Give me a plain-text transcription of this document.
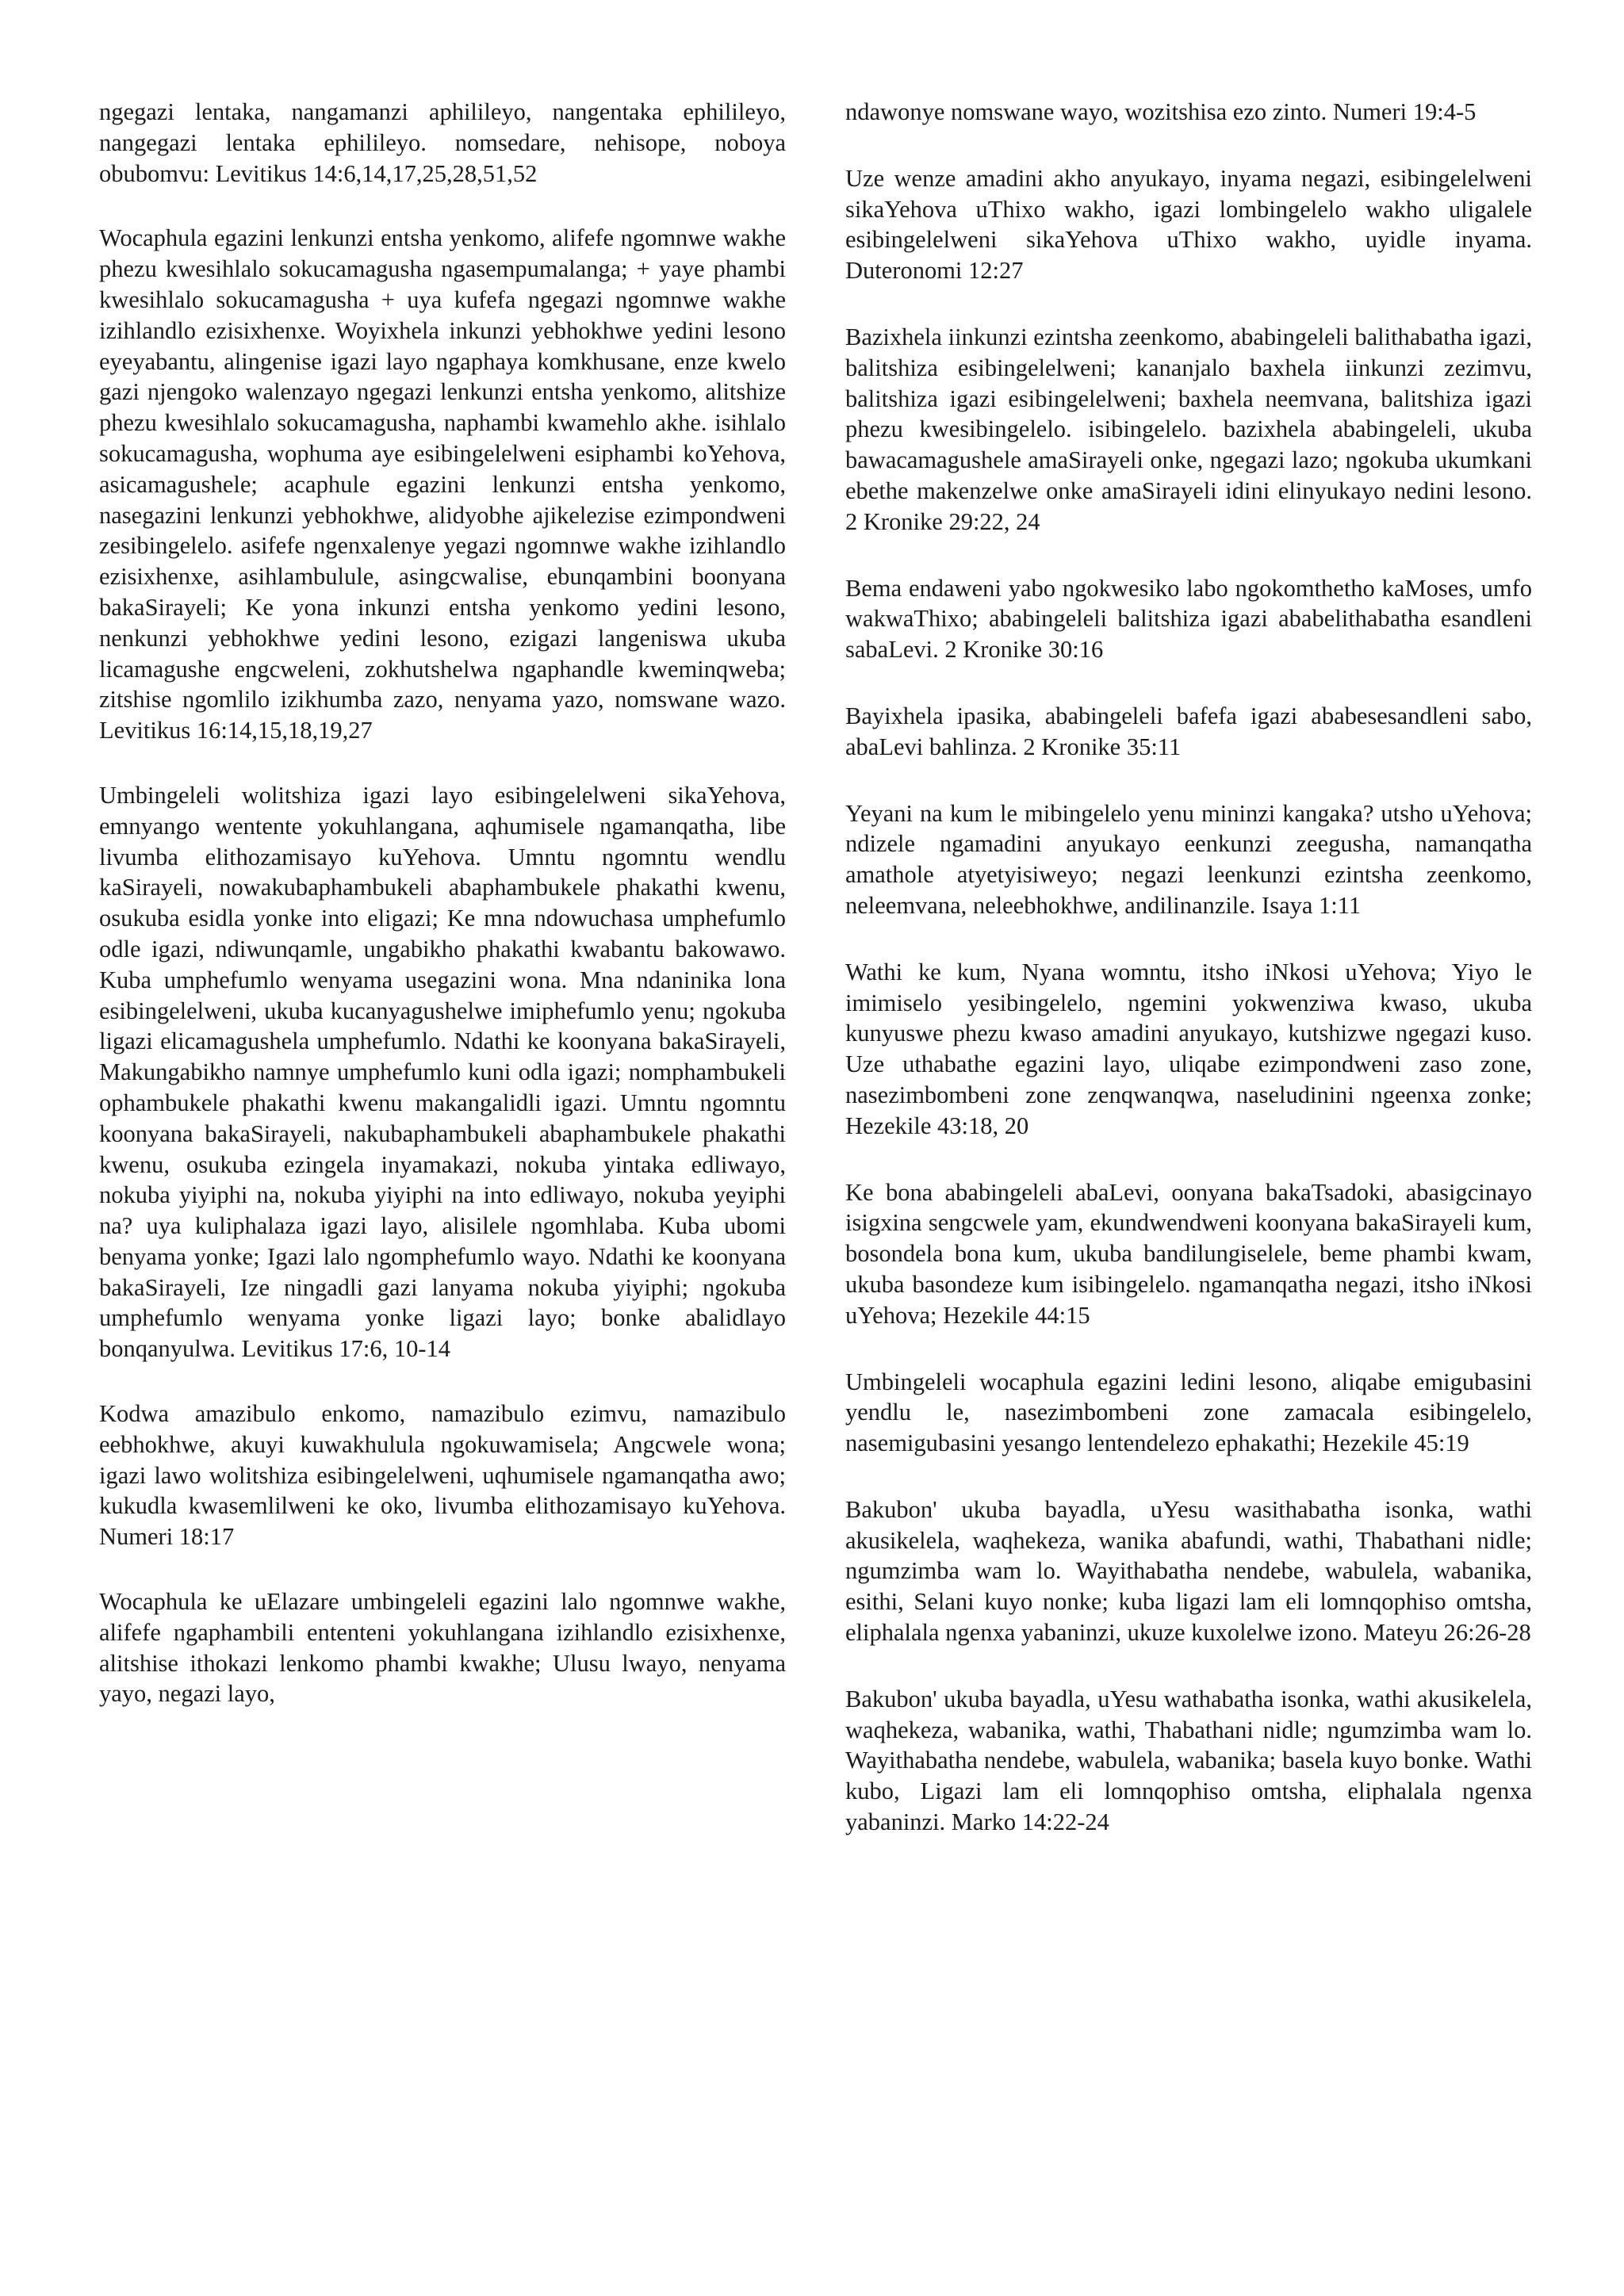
ngegazi lentaka, nangamanzi aphilileyo, nangentaka ephilileyo, nangegazi lentaka ephilileyo. nomsedare, nehisope, noboya obubomvu: Levitikus 14:6,14,17,25,28,51,52

Wocaphula egazini lenkunzi entsha yenkomo, alifefe ngomnwe wakhe phezu kwesihlalo sokucamagusha ngasempumalanga; + yaye phambi kwesihlalo sokucamagusha + uya kufefa ngegazi ngomnwe wakhe izihlandlo ezisixhenxe. Woyixhela inkunzi yebhokhwe yedini lesono eyeyabantu, alingenise igazi layo ngaphaya komkhusane, enze kwelo gazi njengoko walenzayo ngegazi lenkunzi entsha yenkomo, alitshize phezu kwesihlalo sokucamagusha, naphambi kwamehlo akhe. isihlalo sokucamagusha, wophuma aye esibingelelweni esiphambi koYehova, asicamagushele; acaphule egazini lenkunzi entsha yenkomo, nasegazini lenkunzi yebhokhwe, alidyobhe ajikelezise ezimpondweni zesibingelelo. asifefe ngenxalenye yegazi ngomnwe wakhe izihlandlo ezisixhenxe, asihlambulule, asingcwalise, ebunqambini boonyana bakaSirayeli; Ke yona inkunzi entsha yenkomo yedini lesono, nenkunzi yebhokhwe yedini lesono, ezigazi langeniswa ukuba licamagushe engcweleni, zokhutshelwa ngaphandle kweminqweba; zitshise ngomlilo izikhumba zazo, nenyama yazo, nomswane wazo. Levitikus 16:14,15,18,19,27

Umbingeleli wolitshiza igazi layo esibingelelweni sikaYehova, emnyango wentente yokuhlangana, aqhumisele ngamanqatha, libe livumba elithozamisayo kuYehova. Umntu ngomntu wendlu kaSirayeli, nowakubaphambukeli abaphambukele phakathi kwenu, osukuba esidla yonke into eligazi; Ke mna ndowuchasa umphefumlo odle igazi, ndiwunqamle, ungabikho phakathi kwabantu bakowawo. Kuba umphefumlo wenyama usegazini wona. Mna ndaninika lona esibingelelweni, ukuba kucanyagushelwe imiphefumlo yenu; ngokuba ligazi elicamagushela umphefumlo. Ndathi ke koonyana bakaSirayeli, Makungabikho namnye umphefumlo kuni odla igazi; nomphambukeli ophambukele phakathi kwenu makangalidli igazi. Umntu ngomntu koonyana bakaSirayeli, nakubaphambukeli abaphambukele phakathi kwenu, osukuba ezingela inyamakazi, nokuba yintaka edliwayo, nokuba yiyiphi na, nokuba yiyiphi na into edliwayo, nokuba yeyiphi na? uya kuliphalaza igazi layo, alisilele ngomhlaba. Kuba ubomi benyama yonke; Igazi lalo ngomphefumlo wayo. Ndathi ke koonyana bakaSirayeli, Ize ningadli gazi lanyama nokuba yiyiphi; ngokuba umphefumlo wenyama yonke ligazi layo; bonke abalidlayo bonqanyulwa. Levitikus 17:6, 10-14

Kodwa amazibulo enkomo, namazibulo ezimvu, namazibulo eebhokhwe, akuyi kuwakhulula ngokuwamisela; Angcwele wona; igazi lawo wolitshiza esibingelelweni, uqhumisele ngamanqatha awo; kukudla kwasemlilweni ke oko, livumba elithozamisayo kuYehova. Numeri 18:17

Wocaphula ke uElazare umbingeleli egazini lalo ngomnwe wakhe, alifefe ngaphambili ententeni yokuhlangana izihlandlo ezisixhenxe, alitshise ithokazi lenkomo phambi kwakhe; Ulusu lwayo, nenyama yayo, negazi layo,

ndawonye nomswane wayo, wozitshisa ezo zinto. Numeri 19:4-5

Uze wenze amadini akho anyukayo, inyama negazi, esibingelelweni sikaYehova uThixo wakho, igazi lombingelelo wakho uligalele esibingelelweni sikaYehova uThixo wakho, uyidle inyama. Duteronomi 12:27

Bazixhela iinkunzi ezintsha zeenkomo, ababingeleli balithabatha igazi, balitshiza esibingelelweni; kananjalo baxhela iinkunzi zezimvu, balitshiza igazi esibingelelweni; baxhela neemvana, balitshiza igazi phezu kwesibingelelo. isibingelelo. bazixhela ababingeleli, ukuba bawacamagushele amaSirayeli onke, ngegazi lazo; ngokuba ukumkani ebethe makenzelwe onke amaSirayeli idini elinyukayo nedini lesono. 2 Kronike 29:22, 24

Bema endaweni yabo ngokwesiko labo ngokomthetho kaMoses, umfo wakwaThixo; ababingeleli balitshiza igazi ababelithabatha esandleni sabaLevi. 2 Kronike 30:16

Bayixhela ipasika, ababingeleli bafefa igazi ababesesandleni sabo, abaLevi bahlinza. 2 Kronike 35:11

Yeyani na kum le mibingelelo yenu mininzi kangaka? utsho uYehova; ndizele ngamadini anyukayo eenkunzi zeegusha, namanqatha amathole atyetyisiweyo; negazi leenkunzi ezintsha zeenkomo, neleemvana, neleebhokhwe, andilinanzile. Isaya 1:11

Wathi ke kum, Nyana womntu, itsho iNkosi uYehova; Yiyo le imimiselo yesibingelelo, ngemini yokwenziwa kwaso, ukuba kunyuswe phezu kwaso amadini anyukayo, kutshizwe ngegazi kuso. Uze uthabathe egazini layo, uliqabe ezimpondweni zaso zone, nasezimbombeni zone zenqwanqwa, naseludinini ngeenxa zonke; Hezekile 43:18, 20

Ke bona ababingeleli abaLevi, oonyana bakaTsadoki, abasigcinayo isigxina sengcwele yam, ekundwendweni koonyana bakaSirayeli kum, bosondela bona kum, ukuba bandilungiselele, beme phambi kwam, ukuba basondeze kum isibingelelo. ngamanqatha negazi, itsho iNkosi uYehova; Hezekile 44:15

Umbingeleli wocaphula egazini ledini lesono, aliqabe emigubasini yendlu le, nasezimbombeni zone zamacala esibingelelo, nasemigubasini yesango lentendelezo ephakathi; Hezekile 45:19

Bakubon' ukuba bayadla, uYesu wasithabatha isonka, wathi akusikelela, waqhekeza, wanika abafundi, wathi, Thabathani nidle; ngumzimba wam lo. Wayithabatha nendebe, wabulela, wabanika, esithi, Selani kuyo nonke; kuba ligazi lam eli lomnqophiso omtsha, eliphalala ngenxa yabaninzi, ukuze kuxolelwe izono. Mateyu 26:26-28

Bakubon' ukuba bayadla, uYesu wathabatha isonka, wathi akusikelela, waqhekeza, wabanika, wathi, Thabathani nidle; ngumzimba wam lo. Wayithabatha nendebe, wabulela, wabanika; basela kuyo bonke. Wathi kubo, Ligazi lam eli lomnqophiso omtsha, eliphalala ngenxa yabaninzi. Marko 14:22-24
